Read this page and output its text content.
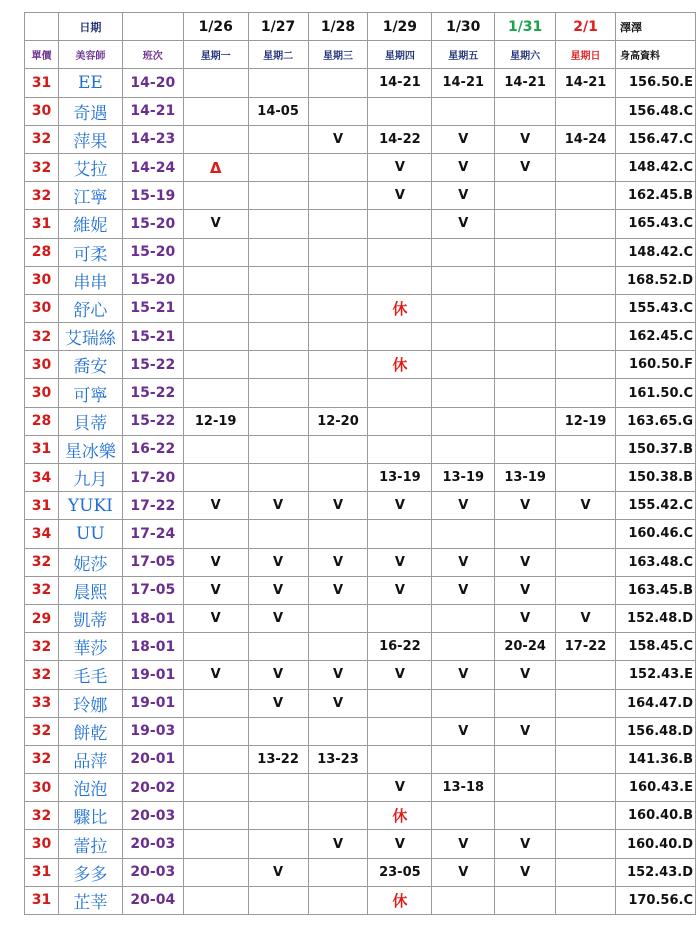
	日期		1/26	1/27	1/28	1/29	1/30	1/31	2/1	澤澤
單價	美容師	班次	星期一	星期二	星期三	星期四	星期五	星期六	星期日	身高資料
31	EE	14-20				14-21	14-21	14-21	14-21	156.50.E
30	奇遇	14-21		14-05						156.48.C
32	萍果	14-23			V	14-22	V	V	14-24	156.47.C
32	艾拉	14-24	Δ			V	V	V		148.42.C
32	江寧	15-19				V	V			162.45.B
31	維妮	15-20	V				V			165.43.C
28	可柔	15-20								148.42.C
30	串串	15-20								168.52.D
30	舒心	15-21				休				155.43.C
32	艾瑞絲	15-21								162.45.C
30	喬安	15-22				休				160.50.F
30	可寧	15-22								161.50.C
28	貝蒂	15-22	12-19		12-20				12-19	163.65.G
31	星冰樂	16-22								150.37.B
34	九月	17-20				13-19	13-19	13-19		150.38.B
31	YUKI	17-22	V	V	V	V	V	V	V	155.42.C
34	UU	17-24								160.46.C
32	妮莎	17-05	V	V	V	V	V	V		163.48.C
32	晨熙	17-05	V	V	V	V	V	V		163.45.B
29	凱蒂	18-01	V	V				V	V	152.48.D
32	華莎	18-01				16-22		20-24	17-22	158.45.C
32	毛毛	19-01	V	V	V	V	V	V		152.43.E
33	玲娜	19-01		V	V					164.47.D
32	餅乾	19-03					V	V		156.48.D
32	品萍	20-01		13-22	13-23					141.36.B
30	泡泡	20-02				V	13-18			160.43.E
32	驟比	20-03				休				160.40.B
30	蕾拉	20-03			V	V	V	V		160.40.D
31	多多	20-03		V		23-05	V	V		152.43.D
31	芷莘	20-04				休				170.56.C
